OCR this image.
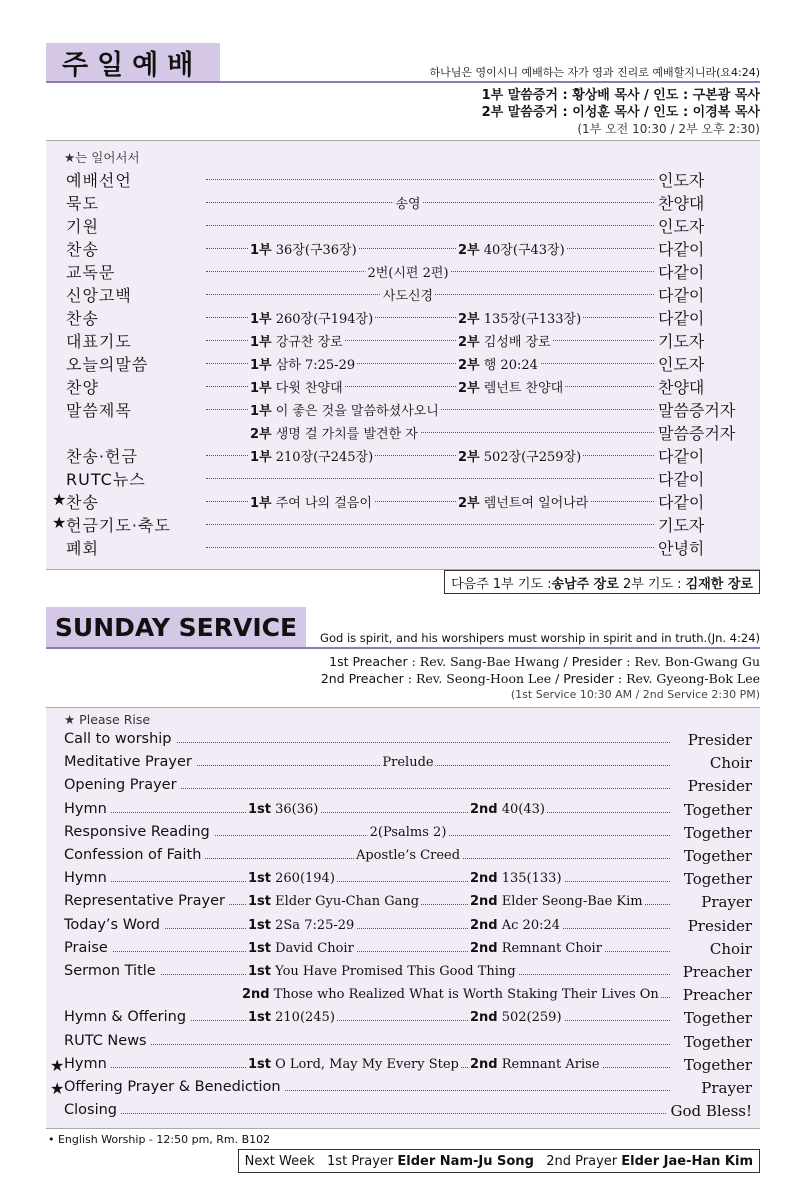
주일예배	하나님은 영이시니 예배하는 자가 영과 진리로 예배할지니라(요4:24)
1부 말씀증거 : 황상배 목사 / 인도 : 구본광 목사
2부 말씀증거 : 이성훈 목사 / 인도 : 이경복 목사
(1부 오전 10:30 / 2부 오후 2:30)
★는 일어서서
예배선언	인도자
묵도	송영	찬양대
기원	인도자
찬송	1부 36장(구36장)	2부 40장(구43장)	다같이
교독문	2번(시편 2편)	다같이
신앙고백	사도신경	다같이
찬송	1부 260장(구194장)	2부 135장(구133장)	다같이
대표기도	1부 강규찬 장로	2부 김성배 장로	기도자
오늘의말씀	1부 삼하 7:25-29	2부 행 20:24	인도자
찬양	1부 다윗 찬양대	2부 렘넌트 찬양대	찬양대
말씀제목	1부 이 좋은 것을 말씀하셨사오니	말씀증거자
2부 생명 걸 가치를 발견한 자	말씀증거자
찬송·헌금	1부 210장(구245장)	2부 502장(구259장)	다같이
RUTC뉴스	다같이
★ 찬송	1부 주여 나의 걸음이	2부 렘넌트여 일어나라	다같이
★ 헌금기도·축도	기도자
폐회	안녕히
다음주 1부 기도 : 송남주 장로 2부 기도 : 김재한 장로
SUNDAY SERVICE God is spirit, and his worshipers must worship in spirit and in truth.(Jn. 4:24)
1st Preacher : Rev. Sang-Bae Hwang / Presider : Rev. Bon-Gwang Gu
2nd Preacher : Rev. Seong-Hoon Lee / Presider : Rev. Gyeong-Bok Lee
(1st Service 10:30 AM / 2nd Service 2:30 PM)
★ Please Rise
Call to worship	Presider
Meditative Prayer	Prelude	Choir
Opening Prayer	Presider
Hymn	1st 36(36)	2nd 40(43)	Together
Responsive Reading	2(Psalms 2)	Together
Confession of Faith	Apostle’s Creed	Together
Hymn	1st 260(194)	2nd 135(133)	Together
Representative Prayer	1st Elder Gyu-Chan Gang	2nd Elder Seong-Bae Kim	Prayer
Today’s Word	1st 2Sa 7:25-29	2nd Ac 20:24	Presider
Praise	1st David Choir	2nd Remnant Choir	Choir
Sermon Title	1st You Have Promised This Good Thing	Preacher
2nd Those who Realized What is Worth Staking Their Lives On Preacher
Hymn & Offering	1st 210(245)	2nd 502(259)	Together
RUTC News	Together
★ Hymn	1st O Lord, May My Every Step 2nd Remnant Arise	Together
★ Offering Prayer & Benediction	Prayer
Closing	God Bless!
• English Worship - 12:50 pm, Rm. B102
Next Week   1st Prayer Elder Nam-Ju Song 2nd Prayer Elder Jae-Han Kim
